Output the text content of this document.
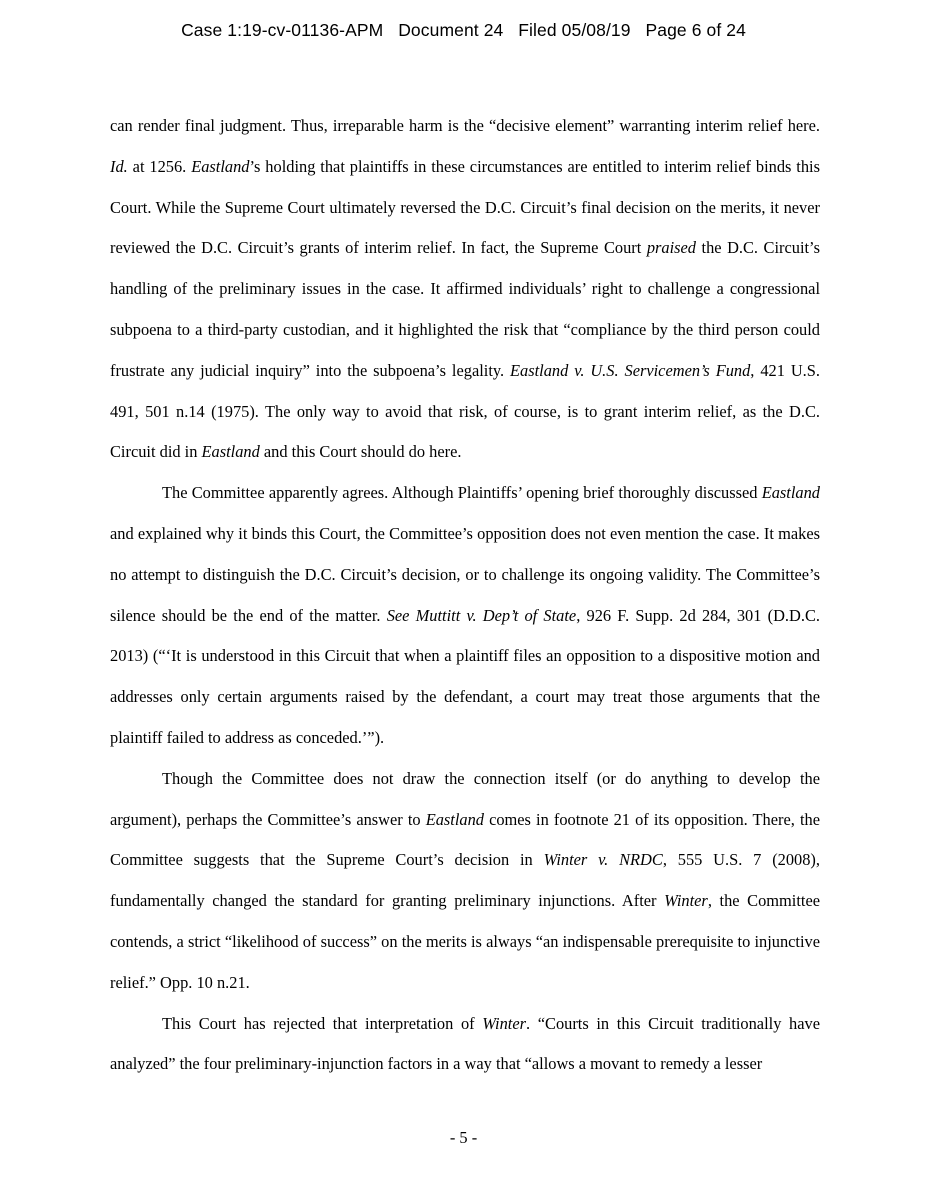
Case 1:19-cv-01136-APM   Document 24   Filed 05/08/19   Page 6 of 24

can render final judgment. Thus, irreparable harm is the “decisive element” warranting interim relief here. Id. at 1256. Eastland’s holding that plaintiffs in these circumstances are entitled to interim relief binds this Court. While the Supreme Court ultimately reversed the D.C. Circuit’s final decision on the merits, it never reviewed the D.C. Circuit’s grants of interim relief. In fact, the Supreme Court praised the D.C. Circuit’s handling of the preliminary issues in the case. It affirmed individuals’ right to challenge a congressional subpoena to a third-party custodian, and it highlighted the risk that “compliance by the third person could frustrate any judicial inquiry” into the subpoena’s legality. Eastland v. U.S. Servicemen’s Fund, 421 U.S. 491, 501 n.14 (1975). The only way to avoid that risk, of course, is to grant interim relief, as the D.C. Circuit did in Eastland and this Court should do here.

The Committee apparently agrees. Although Plaintiffs’ opening brief thoroughly discussed Eastland and explained why it binds this Court, the Committee’s opposition does not even mention the case. It makes no attempt to distinguish the D.C. Circuit’s decision, or to challenge its ongoing validity. The Committee’s silence should be the end of the matter. See Muttitt v. Dep’t of State, 926 F. Supp. 2d 284, 301 (D.D.C. 2013) (“‘It is understood in this Circuit that when a plaintiff files an opposition to a dispositive motion and addresses only certain arguments raised by the defendant, a court may treat those arguments that the plaintiff failed to address as conceded.’”).

Though the Committee does not draw the connection itself (or do anything to develop the argument), perhaps the Committee’s answer to Eastland comes in footnote 21 of its opposition. There, the Committee suggests that the Supreme Court’s decision in Winter v. NRDC, 555 U.S. 7 (2008), fundamentally changed the standard for granting preliminary injunctions. After Winter, the Committee contends, a strict “likelihood of success” on the merits is always “an indispensable prerequisite to injunctive relief.” Opp. 10 n.21.

This Court has rejected that interpretation of Winter. “Courts in this Circuit traditionally have analyzed” the four preliminary-injunction factors in a way that “allows a movant to remedy a lesser

- 5 -
